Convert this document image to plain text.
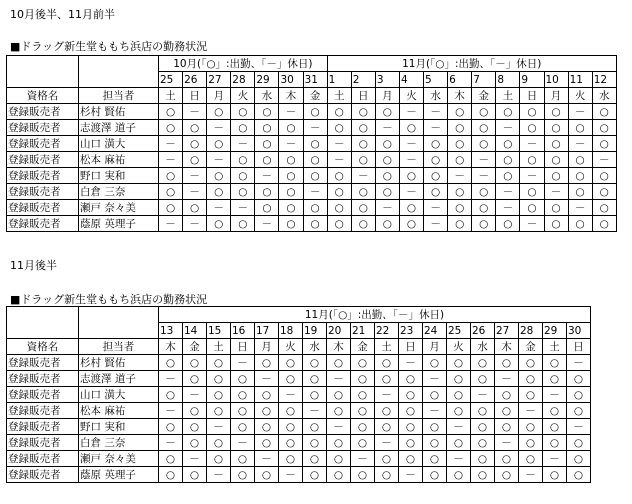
10月後半、11月前半
■ドラッグ新生堂ももち浜店の勤務状況
		10月(「○」:出勤、「－」休日)							11月(「○」:出勤、「－」休日)											
		25	26	27	28	29	30	31	1	2	3	4	5	6	7	8	9	10	11	12
資格名	担当者	土	日	月	火	水	木	金	土	日	月	火	水	木	金	土	日	月	火	水
登録販売者	杉村 賢佑	○	－	○	○	○	－	○	○	○	○	－	－	○	○	○	○	○	－	○
登録販売者	志渡澤 道子	○	○	－	○	○	○	－	○	○	－	○	－	○	○	－	○	○	○	○
登録販売者	山口 潢大	－	○	○	－	○	－	○	－	○	○	－	○	○	○	○	－	○	－	○
登録販売者	松本 麻祐	－	○	－	○	○	○	○	－	○	○	－	○	○	－	○	○	○	○	－
登録販売者	野口 実和	○	－	○	○	－	○	○	○	－	○	○	○	－	－	○	－	○	○	○
登録販売者	白倉 三奈	○	－	○	○	○	○	－	○	○	○	－	○	○	○	－	○	－	○	○
登録販売者	瀬戸 奈々美	○	○	－	－	○	○	○	○	○	－	○	－	○	○	－	○	○	－	○
登録販売者	蔭原 英理子	－	－	○	○	－	○	○	○	○	○	○	－	○	○	○	－	○	○	○
11月後半
■ドラッグ新生堂ももち浜店の勤務状況
		11月(「○」:出勤、「－」休日)																	
		13	14	15	16	17	18	19	20	21	22	23	24	25	26	27	28	29	30
資格名	担当者	木	金	土	日	月	火	水	木	金	土	日	月	火	水	木	金	土	日
登録販売者	杉村 賢佑	○	○	○	－	○	○	○	○	○	○	－	○	○	○	○	○	○	－
登録販売者	志渡澤 道子	－	○	○	○	－	○	○	－	○	○	○	－	○	○	－	○	○	○
登録販売者	山口 潢大	○	－	○	○	○	－	○	○	○	－	○	○	○	－	○	○	－	○
登録販売者	松本 麻祐	－	○	○	○	○	○	－	○	○	○	○	－	○	○	○	－	○	○
登録販売者	野口 実和	○	○	－	○	○	○	○	－	○	○	○	○	－	○	○	○	○	－
登録販売者	白倉 三奈	－	○	○	－	○	○	○	○	○	－	○	○	○	○	－	○	○	○
登録販売者	瀬戸 奈々美	○	－	○	○	－	○	○	○	－	○	○	○	－	○	○	○	－	○
登録販売者	蔭原 英理子	○	○	－	○	○	－	○	○	○	○	－	○	○	○	○	－	○	○
